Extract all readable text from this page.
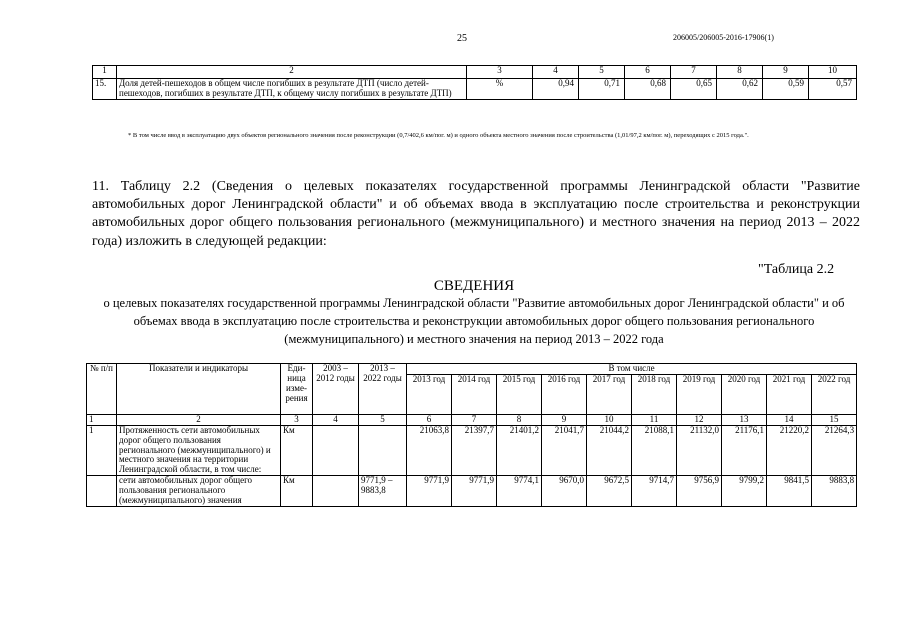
25	206005/206005-2016-17906(1)
1	2	3	4	5	6	7	8	9	10
15.	Доля детей-пешеходов в общем числе погибших в результате ДТП (число детей-пешеходов, погибших в результате ДТП, к общему числу погибших в результате ДТП)	%	0,94	0,71	0,68	0,65	0,62	0,59	0,57
* В том числе ввод в эксплуатацию двух объектов регионального значения после реконструкции (0,7/402,6 км/пог. м) и одного объекта местного значения после строительства (1,01/97,2 км/пог. м), переходящих с 2015 года.".
11. Таблицу 2.2 (Сведения о целевых показателях государственной программы Ленинградской области "Развитие автомобильных дорог Ленинградской области" и об объемах ввода в эксплуатацию после строительства и реконструкции автомобильных дорог общего пользования регионального (межмуниципального) и местного значения на период 2013 – 2022 года) изложить в следующей редакции:
"Таблица 2.2
СВЕДЕНИЯ
о целевых показателях государственной программы Ленинградской области "Развитие автомобильных дорог Ленинградской области" и об объемах ввода в эксплуатацию после строительства и реконструкции автомобильных дорог общего пользования регионального (межмуниципального) и местного значения на период 2013 – 2022 года
№ п/п	Показатели и индикаторы	Еди-ница изме-рения	2003 – 2012 годы	2013 – 2022 годы	В том числе									
					2013 год	2014 год	2015 год	2016 год	2017 год	2018 год	2019 год	2020 год	2021 год	2022 год
1	2	3	4	5	6	7	8	9	10	11	12	13	14	15
1	Протяженность сети автомобильных дорог общего пользования регионального (межмуниципального) и местного значения на территории Ленинградской области, в том числе:	Км			21063,8	21397,7	21401,2	21041,7	21044,2	21088,1	21132,0	21176,1	21220,2	21264,3
	сети автомобильных дорог общего пользования регионального (межмуниципального) значения	Км		9771,9 – 9883,8	9771,9	9771,9	9774,1	9670,0	9672,5	9714,7	9756,9	9799,2	9841,5	9883,8
